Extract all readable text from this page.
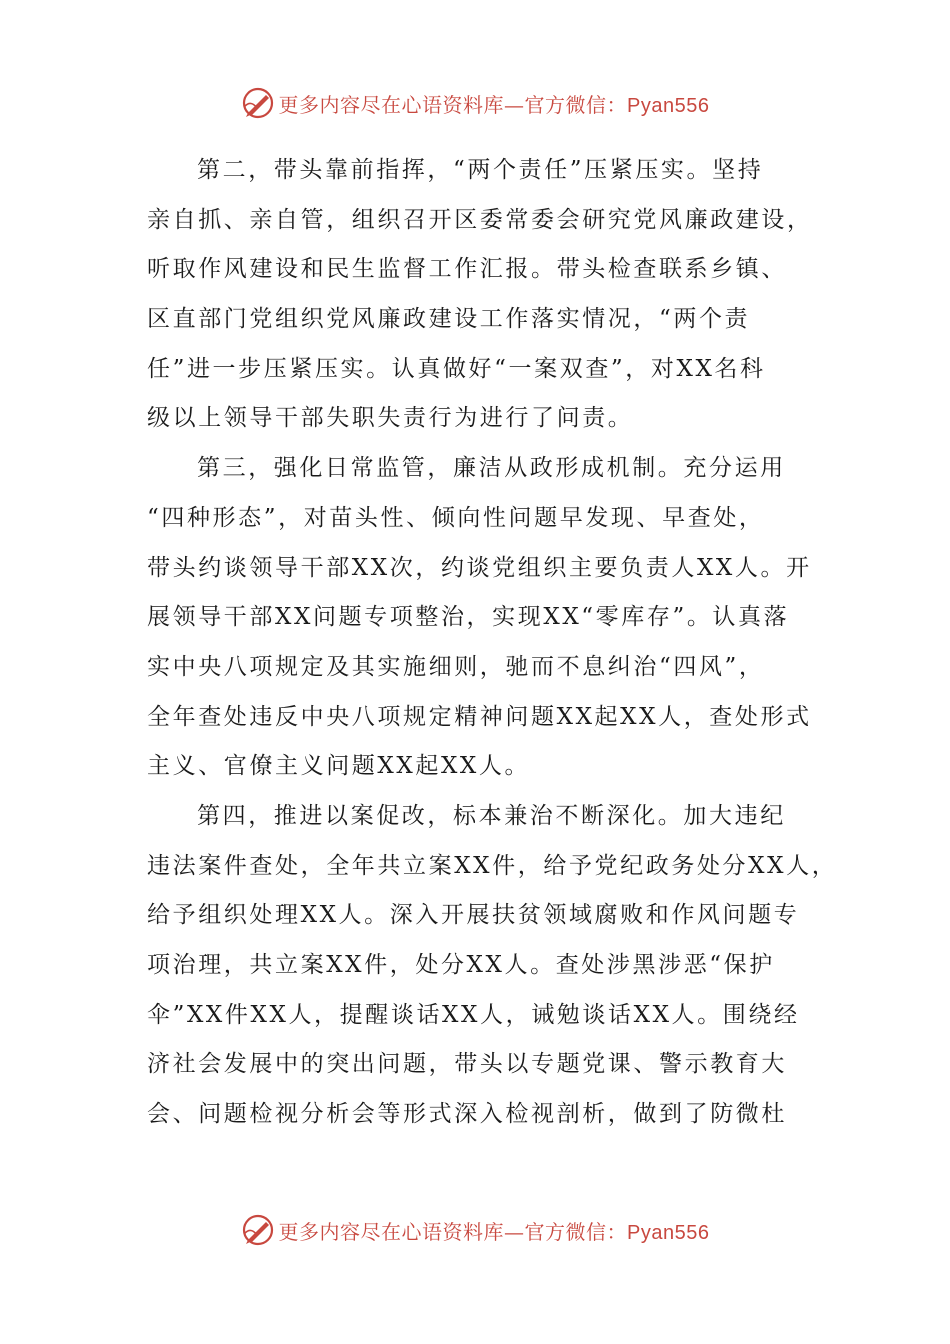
更多内容尽在心语资料库—官方微信：Pyan556
第二，带头靠前指挥，“两个责任”压紧压实。坚持
亲自抓、亲自管，组织召开区委常委会研究党风廉政建设，
听取作风建设和民生监督工作汇报。带头检查联系乡镇、
区直部门党组织党风廉政建设工作落实情况，“两个责
任”进一步压紧压实。认真做好“一案双查”，对XX名科
级以上领导干部失职失责行为进行了问责。
第三，强化日常监管，廉洁从政形成机制。充分运用
“四种形态”，对苗头性、倾向性问题早发现、早查处，
带头约谈领导干部XX次，约谈党组织主要负责人XX人。开
展领导干部XX问题专项整治，实现XX“零库存”。认真落
实中央八项规定及其实施细则，驰而不息纠治“四风”，
全年查处违反中央八项规定精神问题XX起XX人，查处形式
主义、官僚主义问题XX起XX人。
第四，推进以案促改，标本兼治不断深化。加大违纪
违法案件查处，全年共立案XX件，给予党纪政务处分XX人，
给予组织处理XX人。深入开展扶贫领域腐败和作风问题专
项治理，共立案XX件，处分XX人。查处涉黑涉恶“保护
伞”XX件XX人，提醒谈话XX人，诫勉谈话XX人。围绕经
济社会发展中的突出问题，带头以专题党课、警示教育大
会、问题检视分析会等形式深入检视剖析，做到了防微杜
更多内容尽在心语资料库—官方微信：Pyan556
